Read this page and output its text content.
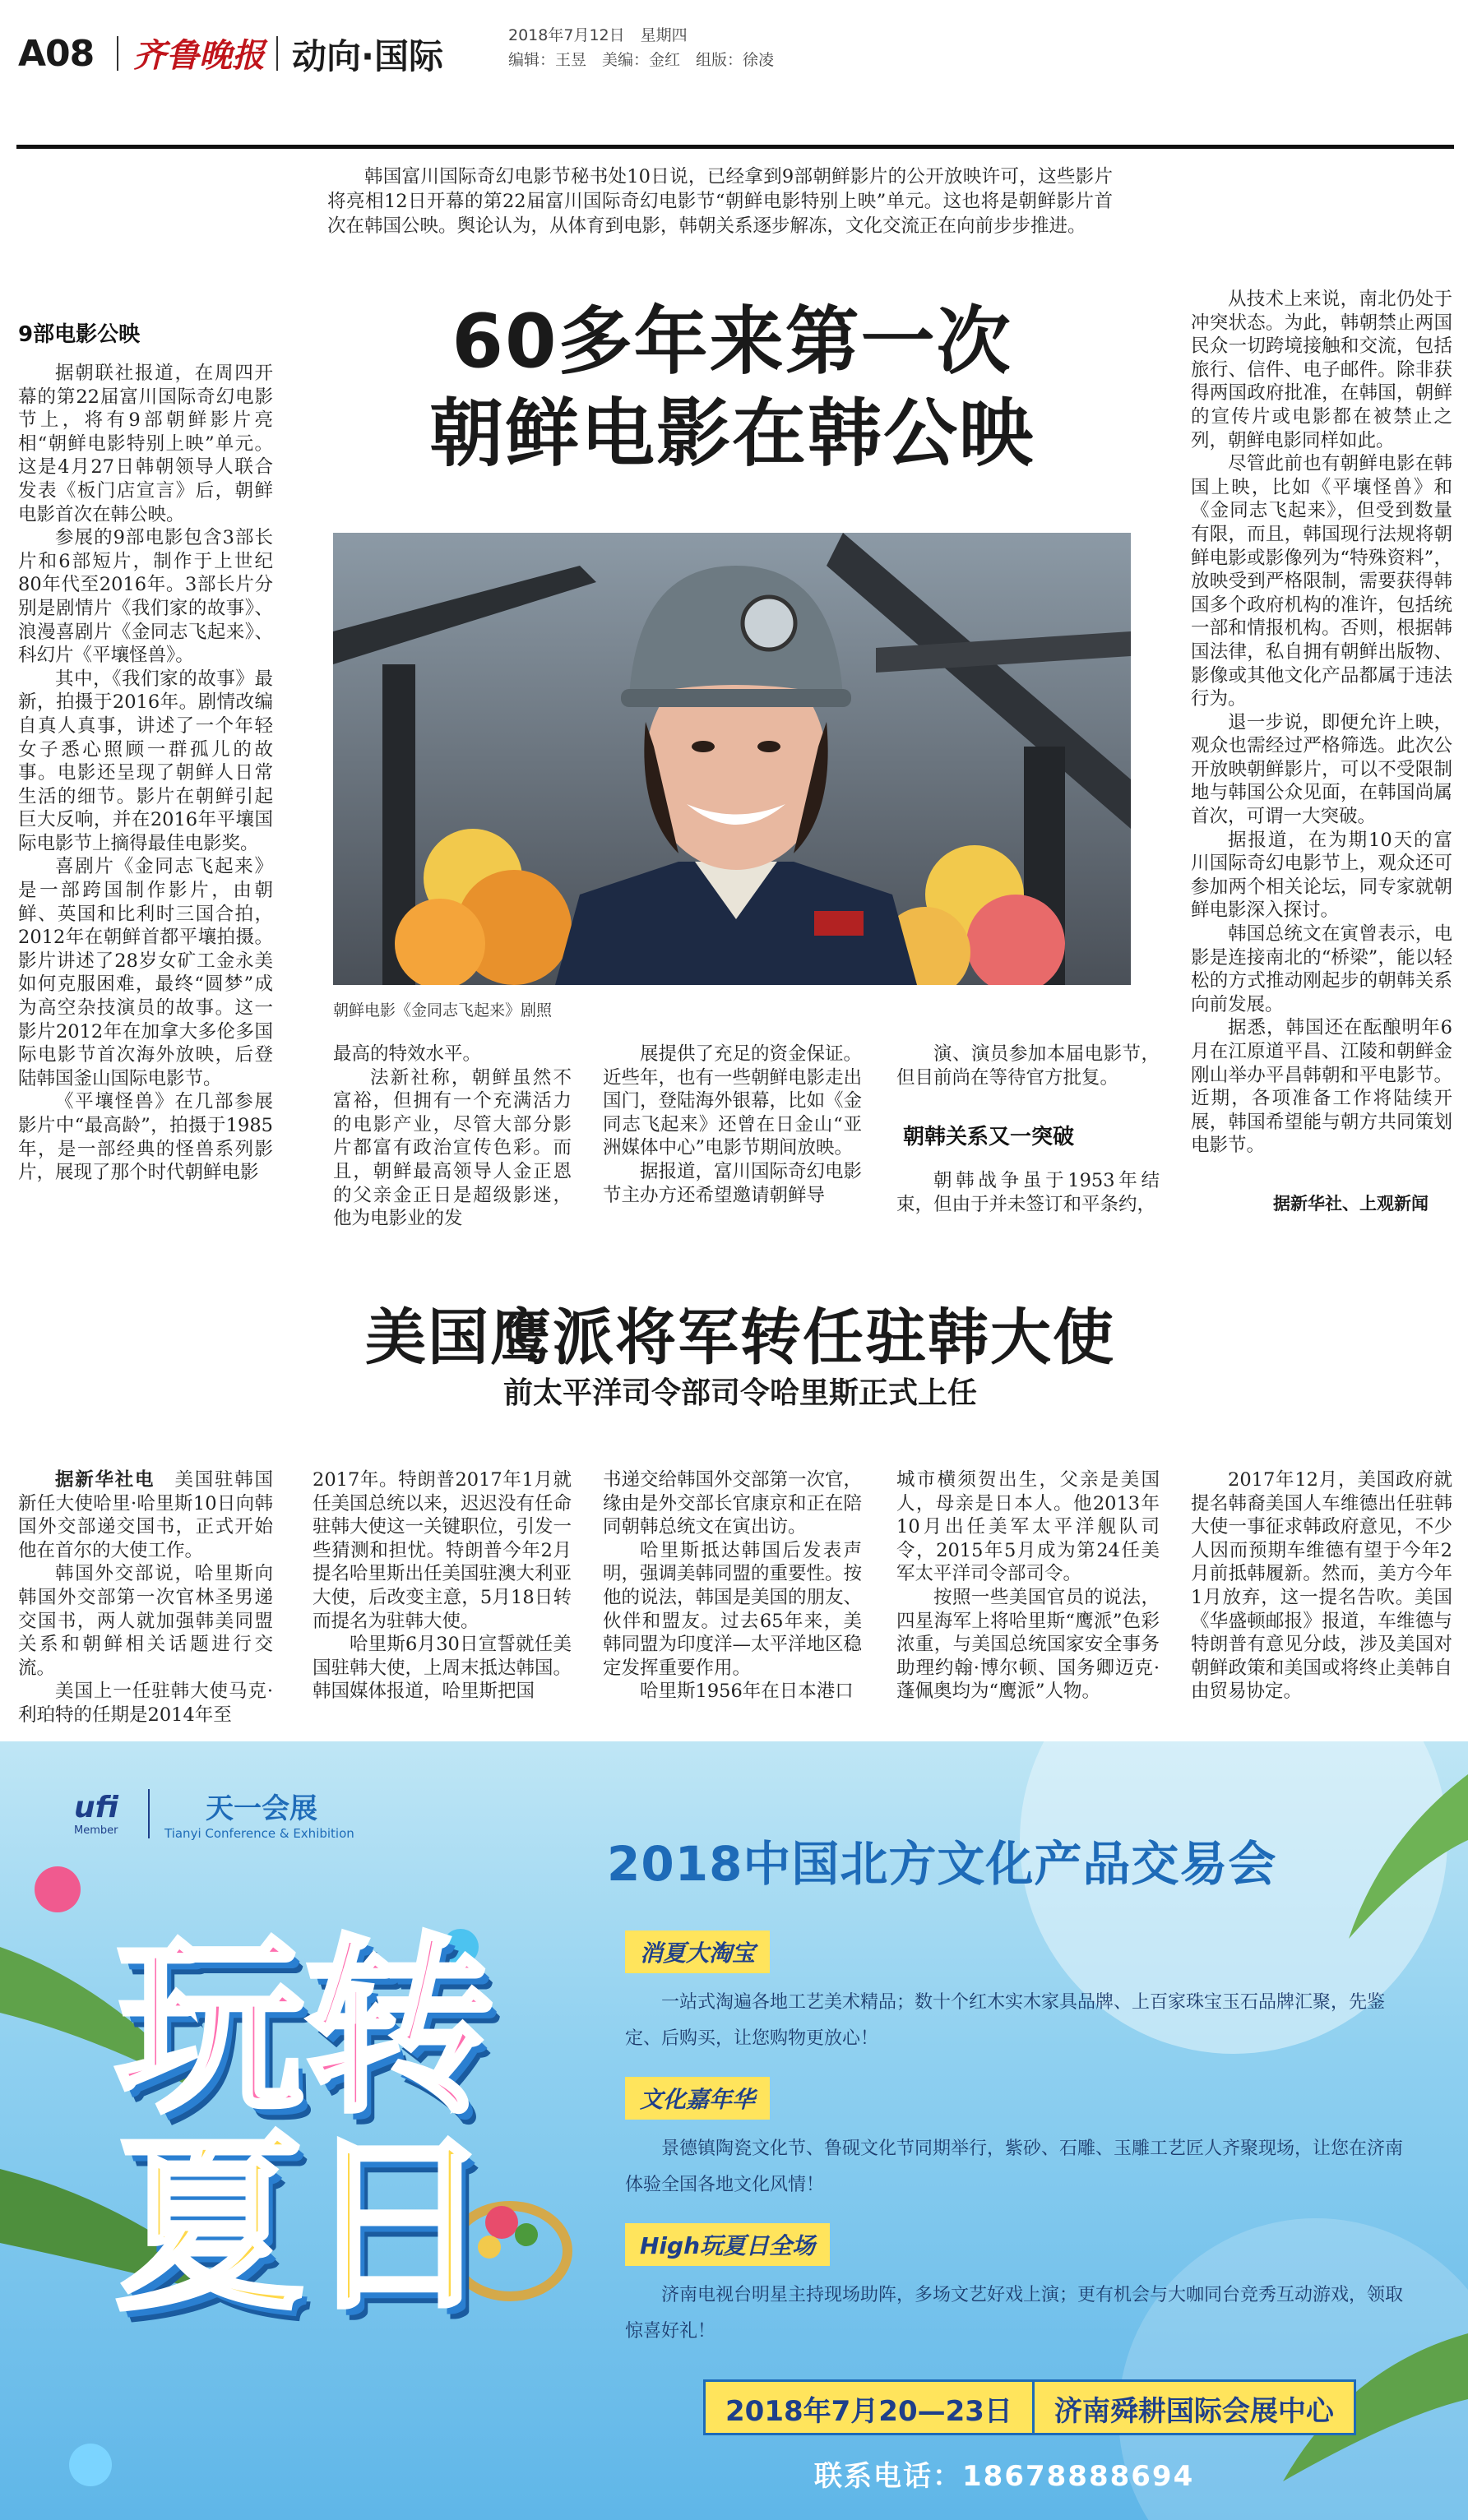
A08 齐鲁晚报 动向·国际
2018年7月12日　星期四
编辑：王昱　美编：金红　组版：徐凌
韩国富川国际奇幻电影节秘书处10日说，已经拿到9部朝鲜影片的公开放映许可，这些影片将亮相12日开幕的第22届富川国际奇幻电影节“朝鲜电影特别上映”单元。这也将是朝鲜影片首次在韩国公映。舆论认为，从体育到电影，韩朝关系逐步解冻，文化交流正在向前步步推进。
60多年来第一次
朝鲜电影在韩公映
9部电影公映

据朝联社报道，在周四开幕的第22届富川国际奇幻电影节上，将有9部朝鲜影片亮相“朝鲜电影特别上映”单元。这是4月27日韩朝领导人联合发表《板门店宣言》后，朝鲜电影首次在韩公映。

参展的9部电影包含3部长片和6部短片，制作于上世纪80年代至2016年。3部长片分别是剧情片《我们家的故事》、浪漫喜剧片《金同志飞起来》、科幻片《平壤怪兽》。

其中，《我们家的故事》最新，拍摄于2016年。剧情改编自真人真事，讲述了一个年轻女子悉心照顾一群孤儿的故事。电影还呈现了朝鲜人日常生活的细节。影片在朝鲜引起巨大反响，并在2016年平壤国际电影节上摘得最佳电影奖。

喜剧片《金同志飞起来》是一部跨国制作影片，由朝鲜、英国和比利时三国合拍，2012年在朝鲜首都平壤拍摄。影片讲述了28岁女矿工金永美如何克服困难，最终“圆梦”成为高空杂技演员的故事。这一影片2012年在加拿大多伦多国际电影节首次海外放映，后登陆韩国釜山国际电影节。

《平壤怪兽》在几部参展影片中“最高龄”，拍摄于1985年，是一部经典的怪兽系列影片，展现了那个时代朝鲜电影

朝鲜电影《金同志飞起来》剧照

最高的特效水平。

法新社称，朝鲜虽然不富裕，但拥有一个充满活力的电影产业，尽管大部分影片都富有政治宣传色彩。而且，朝鲜最高领导人金正恩的父亲金正日是超级影迷，他为电影业的发

展提供了充足的资金保证。近些年，也有一些朝鲜电影走出国门，登陆海外银幕，比如《金同志飞起来》还曾在日金山“亚洲媒体中心”电影节期间放映。

据报道，富川国际奇幻电影节主办方还希望邀请朝鲜导

演、演员参加本届电影节，但目前尚在等待官方批复。

朝韩关系又一突破

朝韩战争虽于1953年结束，但由于并未签订和平条约，

从技术上来说，南北仍处于冲突状态。为此，韩朝禁止两国民众一切跨境接触和交流，包括旅行、信件、电子邮件。除非获得两国政府批准，在韩国，朝鲜的宣传片或电影都在被禁止之列，朝鲜电影同样如此。

尽管此前也有朝鲜电影在韩国上映，比如《平壤怪兽》和《金同志飞起来》，但受到数量有限，而且，韩国现行法规将朝鲜电影或影像列为“特殊资料”，放映受到严格限制，需要获得韩国多个政府机构的准许，包括统一部和情报机构。否则，根据韩国法律，私自拥有朝鲜出版物、影像或其他文化产品都属于违法行为。

退一步说，即便允许上映，观众也需经过严格筛选。此次公开放映朝鲜影片，可以不受限制地与韩国公众见面，在韩国尚属首次，可谓一大突破。

据报道，在为期10天的富川国际奇幻电影节上，观众还可参加两个相关论坛，同专家就朝鲜电影深入探讨。

韩国总统文在寅曾表示，电影是连接南北的“桥梁”，能以轻松的方式推动刚起步的朝韩关系向前发展。

据悉，韩国还在酝酿明年6月在江原道平昌、江陵和朝鲜金刚山举办平昌韩朝和平电影节。近期，各项准备工作将陆续开展，韩国希望能与朝方共同策划电影节。

据新华社、上观新闻
美国鹰派将军转任驻韩大使
前太平洋司令部司令哈里斯正式上任

据新华社电　 美国驻韩国新任大使哈里·哈里斯10日向韩国外交部递交国书，正式开始他在首尔的大使工作。

韩国外交部说，哈里斯向韩国外交部第一次官林圣男递交国书，两人就加强韩美同盟关系和朝鲜相关话题进行交流。

美国上一任驻韩大使马克·利珀特的任期是2014年至

2017年。特朗普2017年1月就任美国总统以来，迟迟没有任命驻韩大使这一关键职位，引发一些猜测和担忧。特朗普今年2月提名哈里斯出任美国驻澳大利亚大使，后改变主意，5月18日转而提名为驻韩大使。

哈里斯6月30日宣誓就任美国驻韩大使，上周末抵达韩国。韩国媒体报道，哈里斯把国

书递交给韩国外交部第一次官，缘由是外交部长官康京和正在陪同朝韩总统文在寅出访。

哈里斯抵达韩国后发表声明，强调美韩同盟的重要性。按他的说法，韩国是美国的朋友、伙伴和盟友。过去65年来，美韩同盟为印度洋—太平洋地区稳定发挥重要作用。

哈里斯1956年在日本港口

城市横须贺出生，父亲是美国人，母亲是日本人。他2013年10月出任美军太平洋舰队司令，2015年5月成为第24任美军太平洋司令部司令。

按照一些美国官员的说法，四星海军上将哈里斯“鹰派”色彩浓重，与美国总统国家安全事务助理约翰·博尔顿、国务卿迈克·蓬佩奥均为“鹰派”人物。

2017年12月，美国政府就提名韩裔美国人车维德出任驻韩大使一事征求韩政府意见，不少人因而预期车维德有望于今年2月前抵韩履新。然而，美方今年1月放弃，这一提名告吹。美国《华盛顿邮报》报道，车维德与特朗普有意见分歧，涉及美国对朝鲜政策和美国或将终止美韩自由贸易协定。

ufi
Member
天一会展
Tianyi Conference & Exhibition
玩转
夏日
2018中国北方文化产品交易会
消夏大淘宝
一站式淘遍各地工艺美术精品；数十个红木实木家具品牌、上百家珠宝玉石品牌汇聚，先鉴定、后购买，让您购物更放心！
文化嘉年华
景德镇陶瓷文化节、鲁砚文化节同期举行，紫砂、石雕、玉雕工艺匠人齐聚现场，让您在济南体验全国各地文化风情！
High玩夏日全场
济南电视台明星主持现场助阵，多场文艺好戏上演；更有机会与大咖同台竞秀互动游戏，领取惊喜好礼！
2018年7月20—23日	济南舜耕国际会展中心
联系电话：18678888694
